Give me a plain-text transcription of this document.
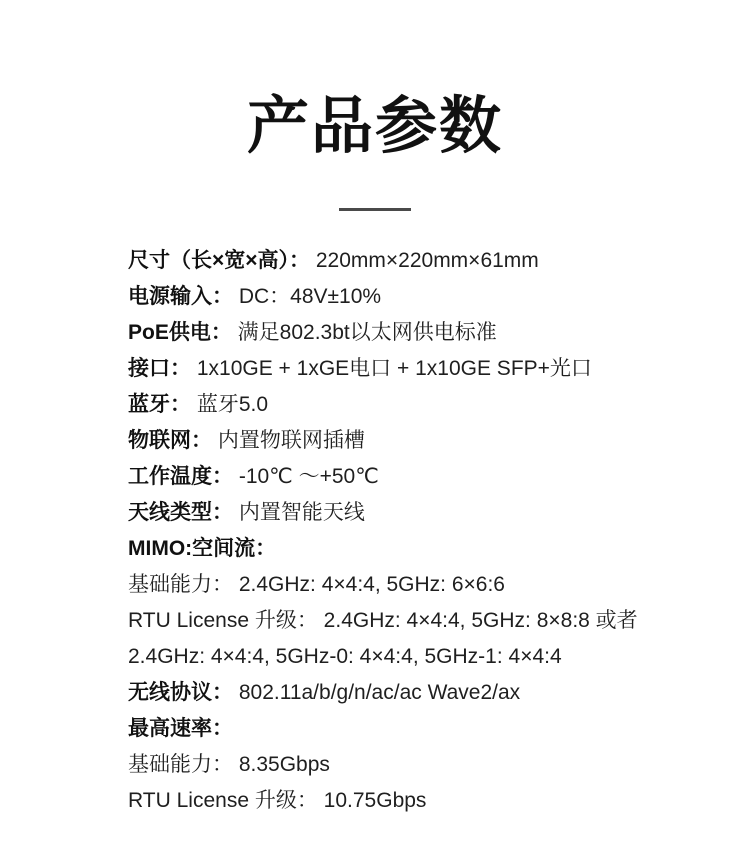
产品参数
尺寸（长×宽×高）： 220mm×220mm×61mm
电源输入： DC：48V±10%
PoE供电： 满足802.3bt以太网供电标准
接口： 1x10GE + 1xGE电口 + 1x10GE SFP+光口
蓝牙： 蓝牙5.0
物联网： 内置物联网插槽
工作温度： -10℃ ～+50℃
天线类型： 内置智能天线
MIMO:空间流：
基础能力： 2.4GHz: 4×4:4, 5GHz: 6×6:6
RTU License 升级： 2.4GHz: 4×4:4, 5GHz: 8×8:8 或者2.4GHz: 4×4:4, 5GHz-0: 4×4:4, 5GHz-1: 4×4:4
无线协议： 802.11a/b/g/n/ac/ac Wave2/ax
最高速率：
基础能力： 8.35Gbps
RTU License 升级： 10.75Gbps
